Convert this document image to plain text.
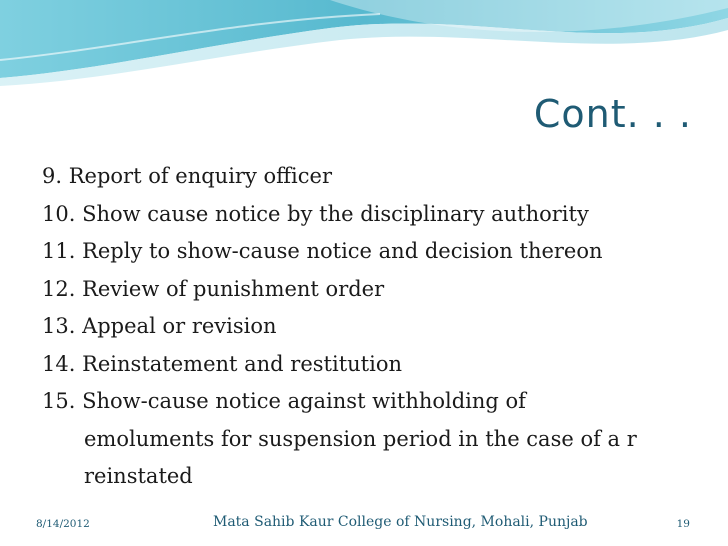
Cont. . .
9. Report of enquiry officer
10. Show cause notice by the disciplinary authority
11. Reply to show-cause notice and decision thereon
12. Review of punishment order
13. Appeal or revision
14. Reinstatement and restitution
15. Show-cause notice against withholding of
emoluments for suspension period in the case of a r
reinstated
8/14/2012	Mata Sahib Kaur College of Nursing, Mohali, Punjab	19
